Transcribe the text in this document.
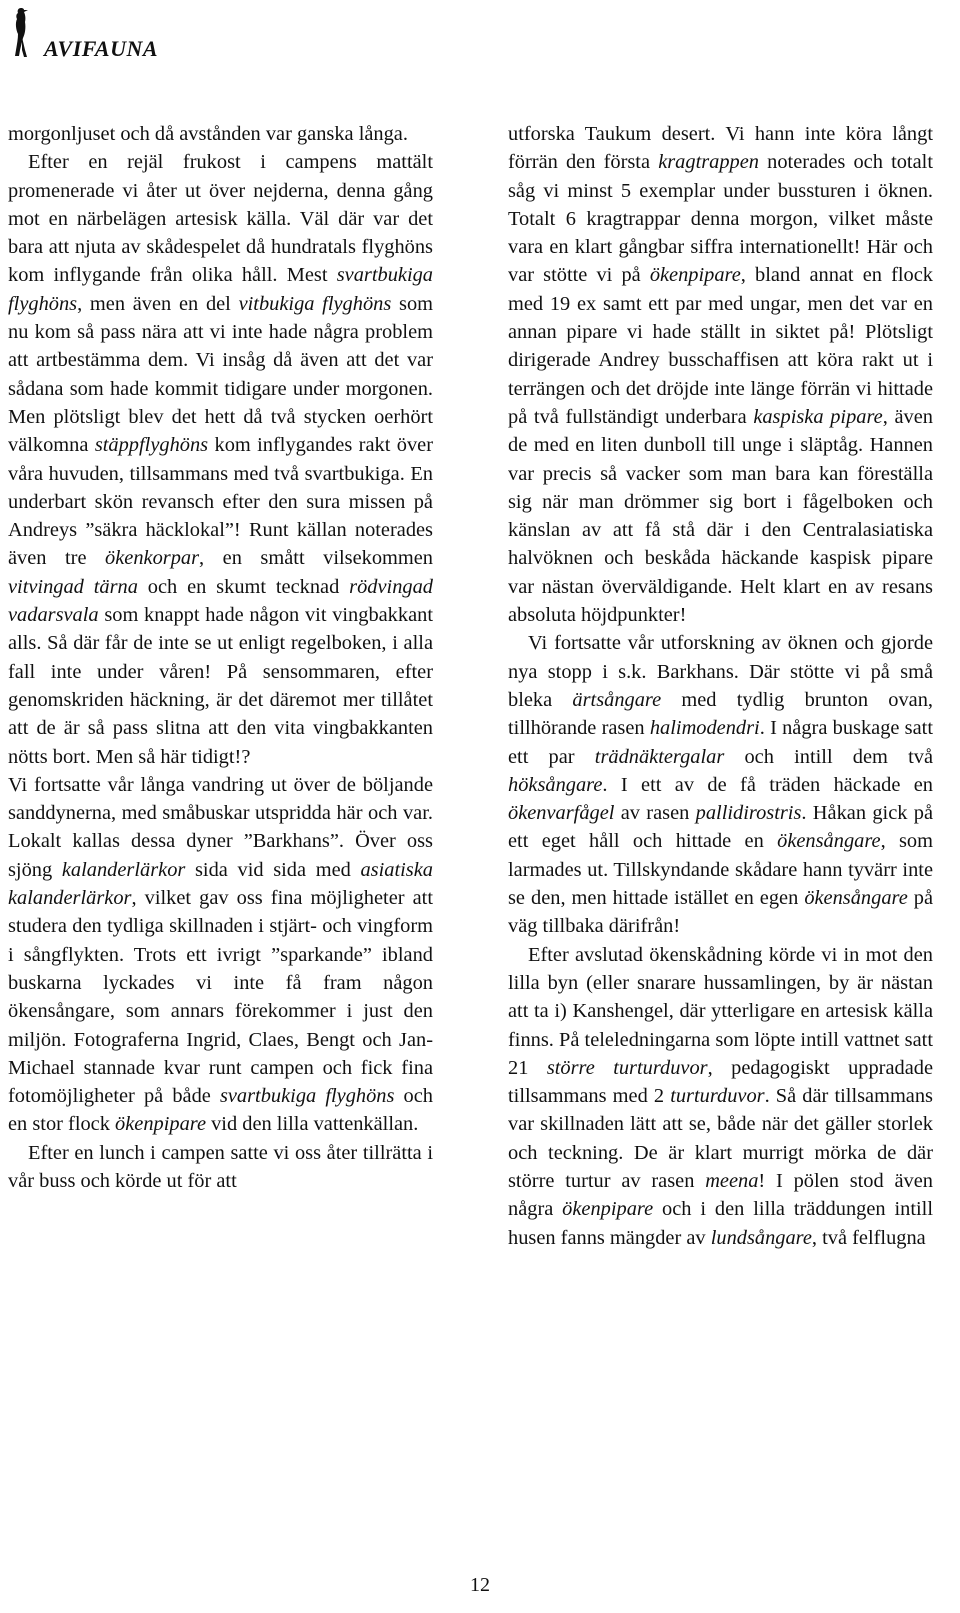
AVIFAUNA

morgonljuset och då avstånden var ganska långa.

Efter en rejäl frukost i campens mattält promenerade vi åter ut över nejderna, denna gång mot en närbelägen artesisk källa. Väl där var det bara att njuta av skådespelet då hundratals flyghöns kom inflygande från olika håll. Mest svartbukiga flyghöns, men även en del vitbukiga flyghöns som nu kom så pass nära att vi inte hade några problem att artbestämma dem. Vi insåg då även att det var sådana som hade kommit tidigare under morgonen. Men plötsligt blev det hett då två stycken oerhört välkomna stäppflyghöns kom inflygandes rakt över våra huvuden, tillsammans med två svartbukiga. En underbart skön revansch efter den sura missen på Andreys ”säkra häcklokal”! Runt källan noterades även tre ökenkorpar, en smått vilsekommen vitvingad tärna och en skumt tecknad rödvingad vadarsvala som knappt hade någon vit vingbakkant alls. Så där får de inte se ut enligt regelboken, i alla fall inte under våren! På sensommaren, efter genomskriden häckning, är det däremot mer tillåtet att de är så pass slitna att den vita vingbakkanten nötts bort. Men så här tidigt!?

Vi fortsatte vår långa vandring ut över de böljande sanddynerna, med småbuskar utspridda här och var. Lokalt kallas dessa dyner ”Barkhans”. Över oss sjöng kalanderlärkor sida vid sida med asiatiska kalanderlärkor, vilket gav oss fina möjligheter att studera den tydliga skillnaden i stjärt- och vingform i sångflykten. Trots ett ivrigt ”sparkande” ibland buskarna lyckades vi inte få fram någon ökensångare, som annars förekommer i just den miljön. Fotograferna Ingrid, Claes, Bengt och Jan-Michael stannade kvar runt campen och fick fina fotomöjligheter på både svartbukiga flyghöns och en stor flock ökenpipare vid den lilla vattenkällan.

Efter en lunch i campen satte vi oss åter tillrätta i vår buss och körde ut för att

utforska Taukum desert. Vi hann inte köra långt förrän den första kragtrappen noterades och totalt såg vi minst 5 exemplar under bussturen i öknen. Totalt 6 kragtrappar denna morgon, vilket måste vara en klart gångbar siffra internationellt! Här och var stötte vi på ökenpipare, bland annat en flock med 19 ex samt ett par med ungar, men det var en annan pipare vi hade ställt in siktet på! Plötsligt dirigerade Andrey busschaffisen att köra rakt ut i terrängen och det dröjde inte länge förrän vi hittade på två fullständigt underbara kaspiska pipare, även de med en liten dunboll till unge i släptåg. Hannen var precis så vacker som man bara kan föreställa sig när man drömmer sig bort i fågelboken och känslan av att få stå där i den Centralasiatiska halvöknen och beskåda häckande kaspisk pipare var nästan överväldigande. Helt klart en av resans absoluta höjdpunkter!

Vi fortsatte vår utforskning av öknen och gjorde nya stopp i s.k. Barkhans. Där stötte vi på små bleka ärtsångare med tydlig brunton ovan, tillhörande rasen halimodendri. I några buskage satt ett par trädnäktergalar och intill dem två höksångare. I ett av de få träden häckade en ökenvarfågel av rasen pallidirostris. Håkan gick på ett eget håll och hittade en ökensångare, som larmades ut. Tillskyndande skådare hann tyvärr inte se den, men hittade istället en egen ökensångare på väg tillbaka därifrån!

Efter avslutad ökenskådning körde vi in mot den lilla byn (eller snarare hussamlingen, by är nästan att ta i) Kanshengel, där ytterligare en artesisk källa finns. På teleledningarna som löpte intill vattnet satt 21 större turturduvor, pedagogiskt uppradade tillsammans med 2 turturduvor. Så där tillsammans var skillnaden lätt att se, både när det gäller storlek och teckning. De är klart murrigt mörka de där större turtur av rasen meena! I pölen stod även några ökenpipare och i den lilla träddungen intill husen fanns mängder av lundsångare, två felflugna

12
